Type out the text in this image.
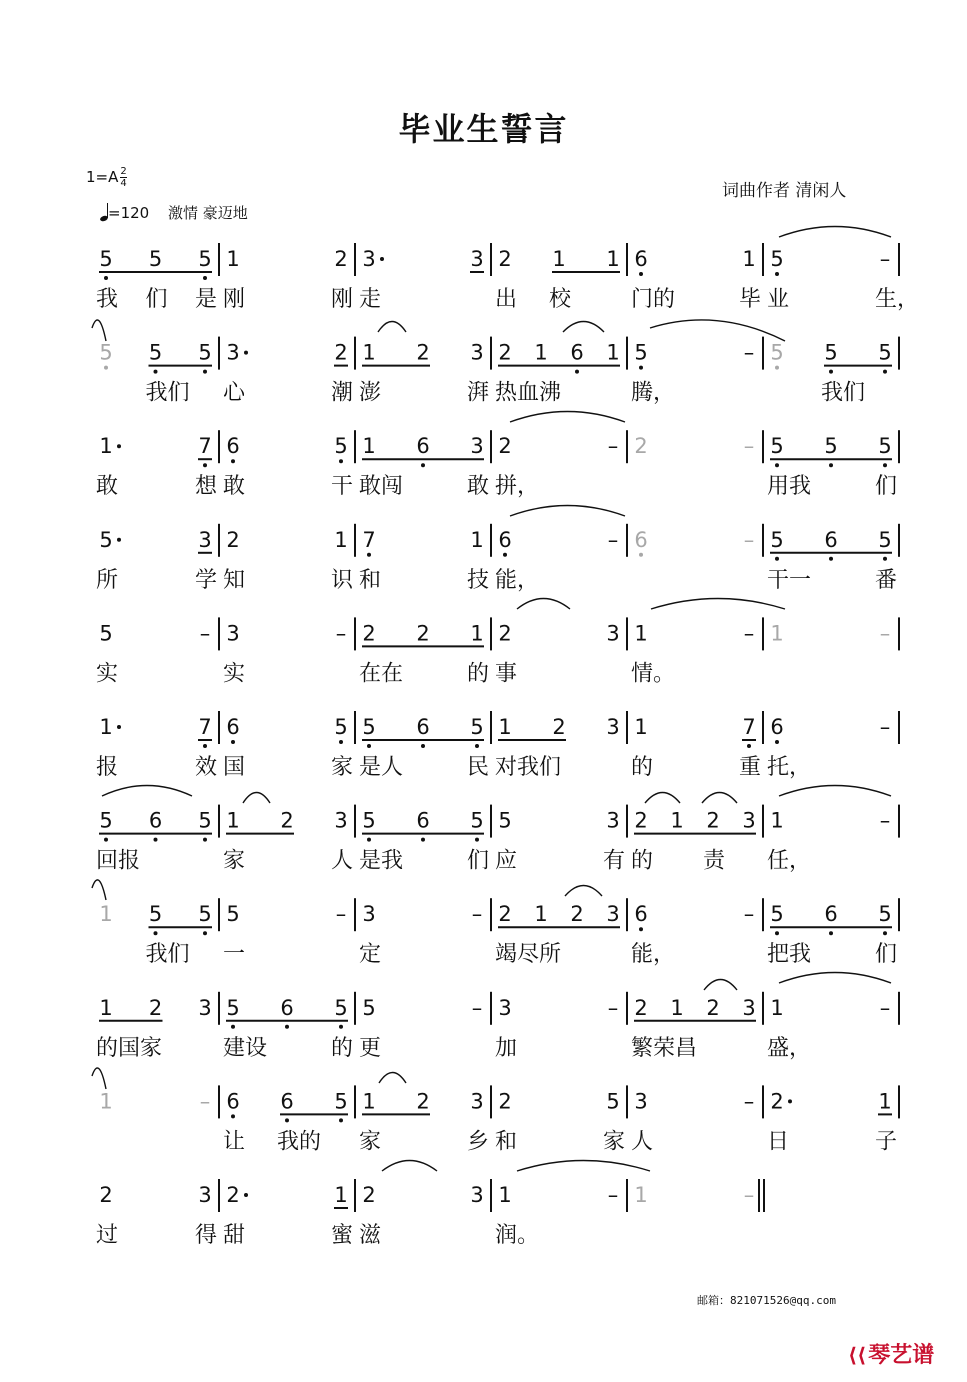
毕业生誓言
$1=A \frac{2}{4}$
=120 激情 豪迈地
词曲作者 清闲人
5
我
5
们
5
是
1
刚
2
刚
3
走
3 2
出
1
校
1 6
门的
1
毕
5
业
–
生，
5 5
我们
5 3
心
2
潮
1
澎
2 3
湃
2
热血沸
1 6 1 5
腾，
– 5 5
我们
5
1
敢
7
想
6
敢
5
干
1
敢闯
6 3
敢
2
拼，
– 2	– 5
用我
5 5
们
5
所
3
学
2
知
1
识
7
和
1
技
6
能，
– 6	– 5
干一
6 5
番
5
实
– 3
实
– 2
在在
2 1
的
2
事
3 1
情。
– 1	–
1
报
7
效
6
国
5
家
5
是人
6 5
民
1
对我们
2 3 1
的
7
重
6
托，
–
5
回报
6 5 1
家
2 3
人
5
是我
6 5
们
5
应
3
有
2
的
1 2
责
3 1
任，
–
1 5
我们
5 5
一
– 3
定
– 2
竭尽所
1 2 3 6
能，
– 5
把我
6 5
们
1
的国家
2 3 5
建设
6 5
的
5
更
– 3
加
– 2
繁荣昌
1 2 3 1
盛，
–
1	– 6
让
6
我的
5 1
家
2 3
乡
2
和
5
家
3
人
– 2
日
1
子
2
过
3
得
2
甜
1
蜜
2
滋
3 1
润。
– 1	–
邮箱：821071526@qq.com
⟨⟨琴艺谱
